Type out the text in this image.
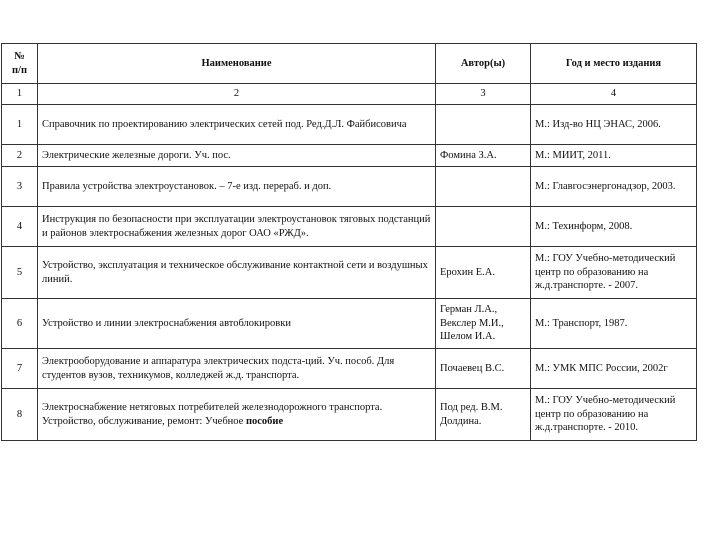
№
п/п	Наименование	Автор(ы)	Год и место издания
1	2	3	4
1	Справочник по проектированию электрических сетей под. Ред.Д.Л. Файбисовича		М.: Изд-во НЦ ЭНАС, 2006.
2	Электрические железные дороги. Уч. пос.	Фомина З.А.	М.: МИИТ, 2011.
3	Правила устройства электроустановок. – 7-е изд. перераб. и доп.		М.: Главгосэнергонадзор, 2003.
4	Инструкция по безопасности при эксплуатации электроустановок тяговых подстанций и районов электроснабжения железных дорог ОАО «РЖД».		М.: Техинформ, 2008.
5	Устройство, эксплуатация и техническое обслуживание контактной сети и воздушных линий.	Ерохин Е.А.	М.: ГОУ Учебно-методический центр по образованию на ж.д.транспорте. - 2007.
6	Устройство и линии электроснабжения автоблокировки	Герман Л.А., Векслер М.И., Шелом И.А.	М.: Транспорт, 1987.
7	Электрооборудование и аппаратура электрических подста-ций. Уч. пособ. Для студентов вузов, техникумов, колледжей ж.д. транспорта.	Почаевец В.С.	М.: УМК МПС России, 2002г
8	Электроснабжение нетяговых потребителей железнодорожного транспорта. Устройство, обслуживание, ремонт: Учебное пособие	Под ред. В.М. Долдина.	М.: ГОУ Учебно-методический центр по образованию на ж.д.транспорте. - 2010.
